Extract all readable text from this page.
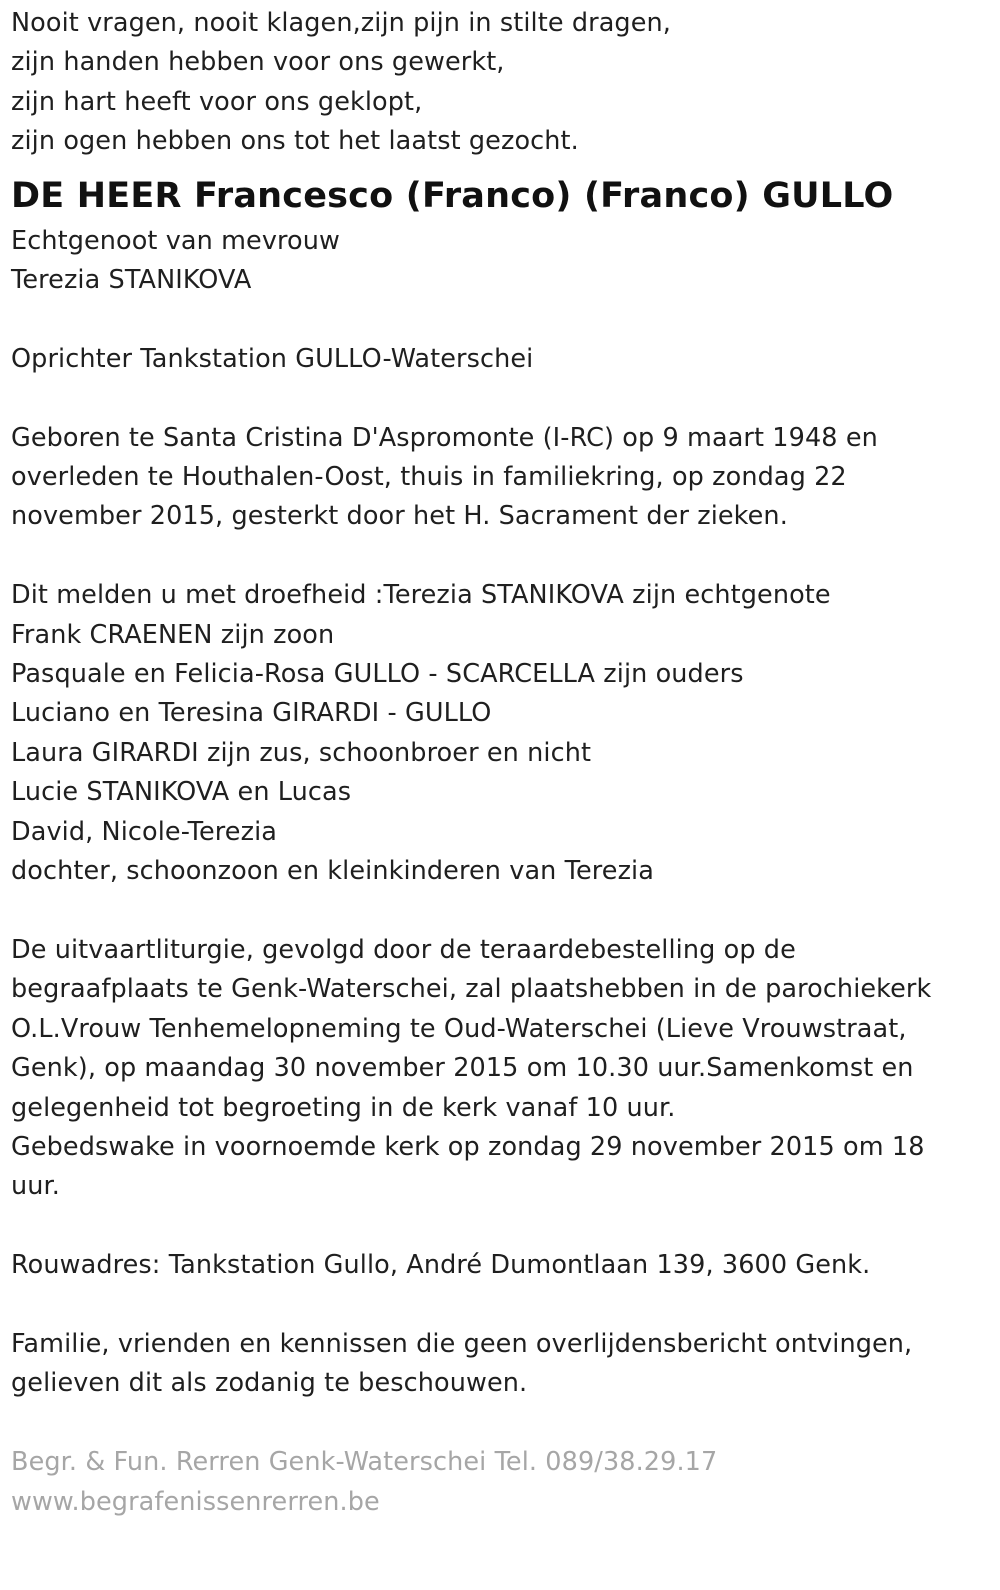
Nooit vragen, nooit klagen,zijn pijn in stilte dragen,

zijn handen hebben voor ons gewerkt,

zijn hart heeft voor ons geklopt,

zijn ogen hebben ons tot het laatst gezocht.

DE HEER Francesco (Franco) (Franco) GULLO

Echtgenoot van mevrouw

Terezia STANIKOVA

Oprichter Tankstation GULLO-Waterschei

Geboren te Santa Cristina D'Aspromonte (I-RC) op 9 maart 1948 en

overleden te Houthalen-Oost, thuis in familiekring, op zondag 22

november 2015, gesterkt door het H. Sacrament der zieken.

Dit melden u met droefheid :Terezia STANIKOVA zijn echtgenote

Frank CRAENEN zijn zoon

Pasquale en Felicia-Rosa GULLO - SCARCELLA zijn ouders

Luciano en Teresina GIRARDI - GULLO

Laura GIRARDI zijn zus, schoonbroer en nicht

Lucie STANIKOVA en Lucas

David, Nicole-Terezia

dochter, schoonzoon en kleinkinderen van Terezia

De uitvaartliturgie, gevolgd door de teraardebestelling op de

begraafplaats te Genk-Waterschei, zal plaatshebben in de parochiekerk

O.L.Vrouw Tenhemelopneming te Oud-Waterschei (Lieve Vrouwstraat,

Genk), op maandag 30 november 2015 om 10.30 uur.Samenkomst en

gelegenheid tot begroeting in de kerk vanaf 10 uur.

Gebedswake in voornoemde kerk op zondag 29 november 2015 om 18

uur.

Rouwadres: Tankstation Gullo, André Dumontlaan 139, 3600 Genk.

Familie, vrienden en kennissen die geen overlijdensbericht ontvingen,

gelieven dit als zodanig te beschouwen.

Begr. & Fun. Rerren Genk-Waterschei Tel. 089/38.29.17

www.begrafenissenrerren.be
